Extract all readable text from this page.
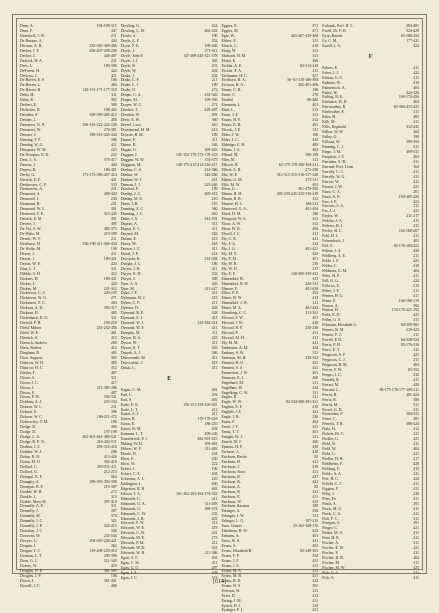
Dean, A.	194-198-315
Dean, F.	447
Deardorff, J. W.	211
De Bruyne, A.	434
Decatur, A. H.	335-365-369-466
Decker, J. F.	206-207-208-209
Decker, J.	426-487
Dedrick, H. A.	211
Dees, L.	186-396
DeForest, H.	424
DeGraw, C.	411
De Haven, E. F.	186
De Haven, L.	484
De Haven, R.	145-151-171-177-310
Dehn, H.	311
Dehn, R.	392
Deibert, E.	389
Deilscher, H.	188-402
Deinlein, E.	188-399-405-412
Deitner, J.	400
Demarest, N. N.	186-216-222-224-229
Demarest, W.	270-361
Demetz, J.	188-315-443-444
Deming, F. F.	386
Deming, W. G.	411
Dempster, W. M.	223
De Noaquer, N. D.	222
Dent, L. S.	373-417
Denton, J.	404
Depew, R.	186-401
Derby, G.	171-173-396-407-414
Derrick, E. F.	421
Desbrosses, C. P.	333
Desmaretis, A.	211
Desmond, A.	408-424
Desmond, J.	230
Desmond, R.	221
Desmond, W. J.	391
Desmond, T. E.	315-445
Detrick, E. M.	391
Devere, J.	485
De Vol, A. W.	485-375
De Witte, M.	210-398
Dewitt, W. V.	211
Dewhurst, H.	186-198-311-366-434
De Wolfe, M.	190
Dexter, J.	211
Dexter, J.	189-421
Dexter, W. E.	424
Diaz, L. J.	311
Dibble, A. H.	412
Dickens, H.	189-421
Dickey, J.	424
Dickey, M.	221-312
Dickerson, C. S.	229-235
Dickerson, W. G.	271
Dickinson, E. C.	404
Dickson, A. D.	393-317
Dickson, H.	405
Diefenbach, E. N.	311
Diefold, F. H.	190-218
Diehl, Milton	231-232-456
Diehl, W. E.	461
Dietrich, A.	413
Dietrich, Andrew	208
Dietz, Robert	412
Dingham, B.	485
Dion, Auguste	365
Disbrow, W. H.	485
Disbrow, H. C.	312
Dissler, F.	487
Dixon, A.	311
Dixon, J. L.	417
Dixon, J.	311-385-386
Dixon, E.	487
Dixon, F. W.	330-331
Dobbins, A. J.	233-334
Dobson, W. L.	211
Dobson, E.	396
Dobson, W. C.	186-211-472
Dobrowsky, T. M.	186
Dodge, B.	396
Dodge, D.	197-199
Dodge, L. A.	362-401-461-469-521
Dodge, R. E. N.	414-402-511
Dodson, J. C.	293-316-418
Doebler, W. J.	286
Dohm, R. B.	413-426
Dolan, M. O.	362-419
Dollard, C.	293-311-411
Dollard, G.	212-213
Donegal, R. F.	363
Donaghy, A.	289-391-393-398
Donegan, B. F.	210-387
Donkel, W. H.	272
Donkle, J.	313
Dorkle, Mary M.	397-410
Donnelly, A. E.	311
Donnelly, J.	397
Donnelly, M.	374
Donnelly, J. C.	321
Donnelly, J. P.	324-415
Donohue, J. C.	326
Donovan, W.	233-544
Dooyes, C.	294-410-226-421
Dorgan, J.	362
Dorgan, T. C.	159-208-220-414
Dorman, C. T.	209-390
Dorn, G. C.	311-343
Dorsey, W.	419
Douglas, N. E.	361-385
Douglas, J. P.	186
Dowd, J.	381-401
Dowell, J. T.	406
Dowling, G.	424
Dowling, L. W.	402-424
Dowls, A.	190
Doyle, A. F.	352
Doyle, F. E.	169-446
Doyle, J.	271-311
Doyle, John F.	147-208-245-321-378
Doyle, J. J.	365
Doyle, R.	291
Doyle, W.	202
Drake, J.	202
Drake, L. F.	211
Drake, L. J.	189
Drake, O.	272
Draper, C. A.	233-326
Draper, M.	199-396
Drayer, W. C.	272
Drecker, T.	428-487
Dresden, W.	391
Drew, A. W.	360
Drexel, Lucy	410
Drummond, M. M.	412
Drysser, R. M.	189
Duane, F.	411
Duane, R.	326
Dugan, G.	395-425
Duggan, J.	145-152-170-173-178-223
Duggan, W. W.	374-375
Dugguan, M.	148-175-212-214-216-217
Dunbar, C. S.	231-366
Dunbar, W.	342-266
Dunbar, W. J.	421
Duncan, J. J.	223-246
Dunford, F.	189
Dunlap, J. C.	405-412
Dunlap, M. S.	210
Dunn, J. B.	210
Dunning, E. C.	360
Dunning, J. C.	410
Duke, J. A.	441-391
Dupont, A.	311
Dupuy, E. L.	411
Durand, M.	362
Durant, E.	413
Duray, M.	418
Dutton, J. C.	411
Duval, J. P.	214
Duvoisin, R.	210-384
Dwight, J. L.	186
Dwyer, J. H.	411
Dwyer, E. D.	232
Dwyer, J.	388
Dyer, A. S.	426
Dyer, M.	411-427
Dyke, J. F.	311
Dykeman, W. J.	415
Dykes, C. P.	211
Dykstra, H.	428
Dymond, R. F.	428
Dymond, E. J.	411
Dymond, W. J.	233-382-414
Dymond, W. F.	411
Dymphy, M.	311
Dyson, H. A.	425
Dyson, W.	411
Dyson, R. T.	426
Dzorek, A. J.	386
Dziewonski, M.	411
Dziewulski, J.	413
Dziuk, L.	411
E
Eagan, C. M.	401
Earl, L.	291
Earl, S.	402
Earle, E. K.	150-151-259-339-341
Earle, L. T.	412
Easter, A. J.	411
Eaton, H.	176-178-418
Eaton, E.	186-210
Eaton, W. M.	402
Eastman, L. T.	209-236
Easterbrook, P. J.	282-391-415
Ebbing, W. D.	395-461
Ebbers, W. F.	311-482
Eberle, H.	234
Ebert, F.	230
Ebert, W.	222
Eckert, J.	196
Eckert, C. E.	404
Eckerson, A. L.	210
Eddington, L.	406
Edgerton, R. B.	401
Edison, T. A.	161-162-163-164-174-342
Edmonds, C.	411
Edmonds, G. A.	311-483
Edmonds, G.	389-374
Edmonds, C. W.	432
Edmonds, J. R.	401
Edwards, F. W.	311
Edwards, W. E.	419
Edwards, C. W.	431
Edwards, M. E.	273
Edwards, P. M.	211
Edwards, W. D.	341
Edwards, W. H.	211-386
Egan, A. F.	401
Egan, C. M.	411
Egan, G. O.	487
Egan, J. A.	428
Egan, J. C.	374
Eggers, E.	471
Eggers, M.	471
Egle, W.	405-407-419-469
Ehlers, P.	211
Ehrich, C.	410
Ehrig, W.	411
Ehrhardt, H. M.	311
Ehrke, E.	386
Eichler, A. E.	82-314-418
Eichler, F. A.	213
Eichmann, H. C.	427
Eichhorn, R. A.	36- 61-118-186-384
Eichorn, H. A.	382-401-406
Eisner, C. B.	186
Eisler, C.	270
Eisfeld	80-485
Eisentein, L.	401
Eisel, L.	313
Eisen, J. F.	411
Eisner, H. F.	412
Eisner, E. H.	401
Elcock, J. E.	311
Elder, J. W.	186
Elder, J. C.	410
Eldridge, C. H.	483
Elkins, J. A.	402
Elkind, M.	196-199
Eller, M.	311
Ellicott, B.	62-175-178-186-394-411
Elliott, A. B.	273-290
Elis, W. P.	312-313-315-316-317-320
Elkins, G. M.	273-311
Ellis, M. W.	401
Elton, G.	361-379-392
Elman, H. H.	205-230-245-325-316-418
Elman, B. R.	411
Elmore, H. L.	186-211
Elmwood, G. A.	401-404
Elrod, D. M.	186
Elsegood, W. A.	411
Elson, A. W.	312
Elton, W. R.	404
Elwell, J. C.	411
Ely, C. B.	421
Ely, F. A.	312
Ely, J. G.	401-421
Ely, M. V.	423
Ely, T. M.	401
Ely, W. B.	230
Ely, W. D.	317
Ely, E. F.	140-360-359-421
Elmendorf, B.	411
Elmendorf, B. W.	230-311
Elmore, F.	401-420
Elliot, F. P.	292
Elmer, W. W.	413
Elmendorf, J. W.	211
Elmer, M. A.	401-423
Elsenberg, C. C.	311-361
Elwood, F. W.	401
Elwood, J. W.	426
Elwood, B. F.	230-230
Elwood, F.	411
Elwood, M. H.	411
Ely, M. M.	421
Emberson, A. M.	454
Embury, S. W.	311
Emerson, M. H.	230-323
Emmett, B. O.	421
Emmett, S. A.	421
Emmerson, J. W.	401
Emmons, E. J.	400
Engelhard, M.	211
Engelhart, W.	434
Engelking, C. W.	311
Engler, B.	211
Engle, W. W.	82-334-380-381-421
English, E. F.	410
English, J. E.	421
Engle, J. B.	230
Ennis, F.	404
Ennis, J. F.	411
Ennis, T. T.	401
Enright, W. J.	211
Enrich, W. J.	206
Epstein, H. F.	430
Erckson, A.	418
Ericksen, Bertie	82
Ericksen, H.	411
Erickson, J.	410
Erickson, Nora	411
Erickson, R.	427
Erickson, B.	421
Erickson, A.	82
Erickson, B.	411
Erickson, E.	411
Erickson, W.	423
Ericksen, Rasmus	189
Erlanger, A.	394
Erlanger, J. W.	311
Erlinger, L. G.	197-215
Esau, Gustav	55-162-168-176
Eshelman, B. W.	424
Esmann, A.	401
Estes, W. S.	411
Evans, A.	402
Evans, Elizabeth B.	82-349-361
Evans, F. P.	394
Evans, J. F.	421
Evans, J. S.	411
Evans, M. A.	231
Evans, M. B.	421
Evans, R. D.	422
Evans, W. S.	391
Everson, H.	211
Evert, D.	413
Ewing, J. M.	411
Eyrich, H. J.	233
Eyringer, F. L.	411
Ewbank, Prof. H. L.	394-401
Ewell, Dr. F. H.	324-429
Eyre, Barrett	65-186-224
Ey, C. M.	177-411
Ezzell, J. A.	424
F
Fabers, E.	411
Faber, J. J.	422
Fabian, G. O.	411
Fadness, W.	410
Fahnestock, A.	404
Fahey, W.	424-426
Failing, R. E.	169-174-456
Fairbairn, W. D.	404
Fairweather, R.	65-394-415-421
Fairbrother, E.	311
Fales, H.	402
Falk, M.	411
Falls, Reginald	312-441
Fallon, W. W.	404
Falley, G.	198
Falloon, W.	389-393
Fanning, L. J.	411
Fargo, J. M.	469-531
Farquhar, J. E.	404
Farraden, A. B.	411
Farrand, Prof. Livin	364
Farrelly, L. C.	411
Farrelly, W. G.	411
Farrow, W.	411
Fassett, J. W.	421
Faust, C. A.	201
Faust, A. R.	190-405-426
Faw, J. E.	423
Fawcett, S. A.	211
Fay, J. J.	421
Fayles, W.	211-217
Fedeler, J. A.	411
Federer, H. J.	411
Feeley, B. C.	162-168-207
Fehl, H. J.	411
Fehrenbach, J.	401
Feil, E.	82-176-184-221
Fekete, J. A.	430
Feldberg, A. E.	211
Felde, J. F.	423
Felder, C.	410
Feldman, G. M.	404
Felix, H. P.	411
Fell, O. G.	424
Fellows, E.	210
Felter, J. F.	211
Fenner, H. G.	411
Feinn, P.	146-186-319
Fenton, A.	392
Fenton, H.	174-175-221-292
Feild, E. D.	421
Fellm, G. S.	411
Felmann, Elizabeth A.	84-359-361
Fenner, W. M.	216-423
Fenton, F. C.	311
Ferrell, P. D.	64-230-324
Ferris, P. H.	85-176-316
Ferro, E. T.	411
Ferguson, A. F.	421
Ferguson, C. J.	211
Ferguson, R. M.	404
Ferree, F. W.	65-352
Fergus, J. C.	410
Fernald, R.	411
Ferrari, M.	428
Ferrand, L.	84-175-176-177-189-211
Ferrin, R.	401-424
Ferris, R.	386
Ferritt, M.	311
Fessel, G. D.	411
Fessenden, F.	384-413
Fetter, C.	401
Fetterly, T. R.	386-424
Fiala, H.	412
Fickett, Dr. C.	411
Fiedler, G.	421
Field, R.	411
Field, W.	404
Field, C.	411
Fiedler, H. B.	217
Fieldheim, F.	428
Fielding, F.	413
Fields, A. A.	411
Fife, H. C.	424
Fifield, C. J.	411
Figgins, F.	411
Filby, J.	230
Files, Dr.	411
Finch, A.	391
Finch, M. G.	411
Finch, C. A.	411
Fish, F. C.	311
Finegan, G.	391
Finger, C.	421
Finkel, M. A.	411
Finn, H. B.	411
Fischer, A.	311
Fischer, E. W.	421
Fischer, F.	411
Fischer, H. B.	404
Fischer, M.	311
Fischer, M. W.	423
Fish, G. C.	311
Fish, S.	411
[614]
